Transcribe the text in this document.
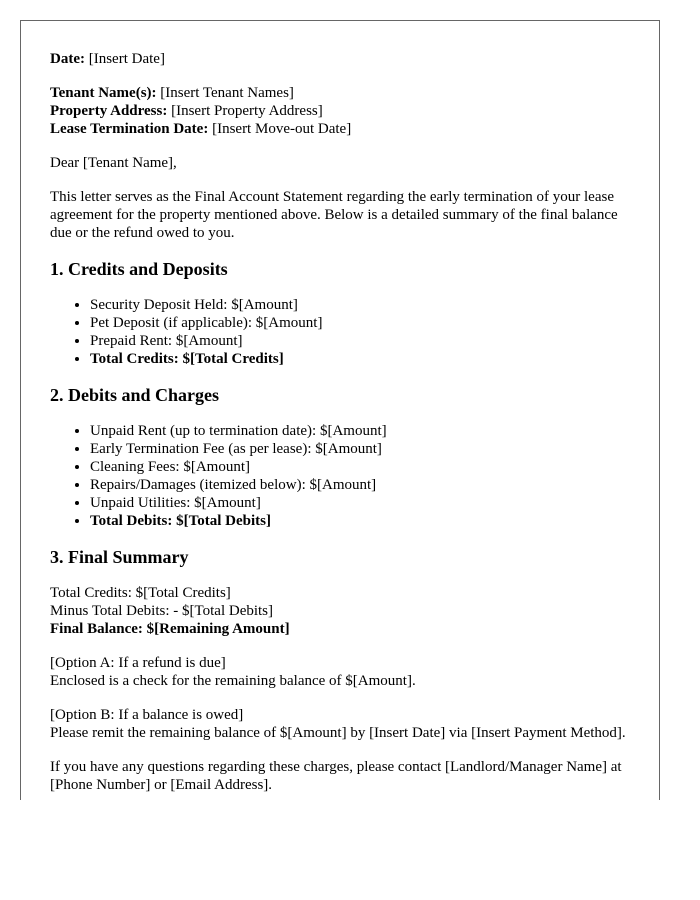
Date: [Insert Date]

Tenant Name(s): [Insert Tenant Names]

Property Address: [Insert Property Address]

Lease Termination Date: [Insert Move-out Date]

Dear [Tenant Name],

This letter serves as the Final Account Statement regarding the early termination of your lease agreement for the property mentioned above. Below is a detailed summary of the final balance due or the refund owed to you.

1. Credits and Deposits
• Security Deposit Held: $[Amount]
• Pet Deposit (if applicable): $[Amount]
• Prepaid Rent: $[Amount]
• Total Credits: $[Total Credits]
2. Debits and Charges
• Unpaid Rent (up to termination date): $[Amount]
• Early Termination Fee (as per lease): $[Amount]
• Cleaning Fees: $[Amount]
• Repairs/Damages (itemized below): $[Amount]
• Unpaid Utilities: $[Amount]
• Total Debits: $[Total Debits]
3. Final Summary

Total Credits: $[Total Credits]

Minus Total Debits: - $[Total Debits]

Final Balance: $[Remaining Amount]

[Option A: If a refund is due]

Enclosed is a check for the remaining balance of $[Amount].

[Option B: If a balance is owed]

Please remit the remaining balance of $[Amount] by [Insert Date] via [Insert Payment Method].

If you have any questions regarding these charges, please contact [Landlord/Manager Name] at [Phone Number] or [Email Address].
